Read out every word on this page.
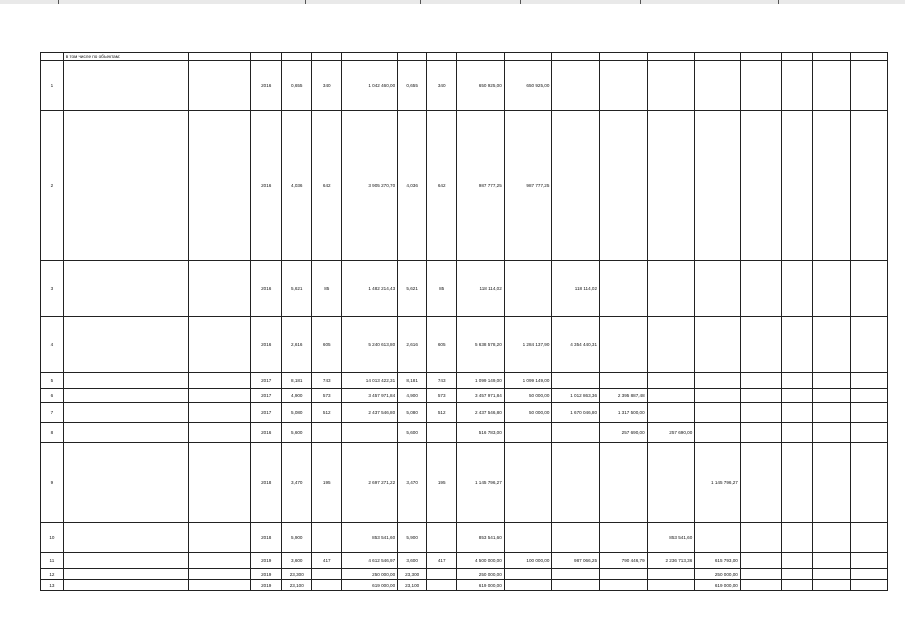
	в том числе по объектам:																	
1			2016	0,655	340	1 042 460,00	0,655	340	650 925,00	650 925,00								
2			2016	4,036	642	3 905 270,70	4,036	642	987 777,25	987 777,25								
3			2016	5,621	85	1 482 214,43	5,621	85	118 114,02		118 114,02							
4			2016	2,616	605	5 240 613,80	2,616	605	5 638 578,20	1 284 137,90	4 354 440,31							
5			2017	8,181	743	14 013 422,31	8,181	743	1 099 149,00	1 099 149,00								
6			2017	4,900	573	3 457 971,84	4,900	573	3 457 971,84	50 000,00	1 012 863,36	2 395 887,48						
7			2017	5,080	512	2 437 546,80	5,080	512	2 437 546,80	50 000,00	1 670 046,80	1 317 500,00						
8			2016	5,600			5,600		516 783,00			257 690,00	257 690,00					
9			2018	3,470	195	2 697 271,22	3,470	195	1 145 796,27					1 145 796,27				
10			2018	5,900		853 541,60	5,900		853 541,60				853 541,60					
11			2019	3,600	417	4 612 546,97	3,600	417	4 500 000,00	100 000,00	987 066,25	790 446,79	2 236 713,36	615 793,00				
12			2019	23,300		250 000,00	23,300		250 000,00					250 000,00				
13			2019	23,100		619 000,00	23,100		619 000,00					619 000,00				
